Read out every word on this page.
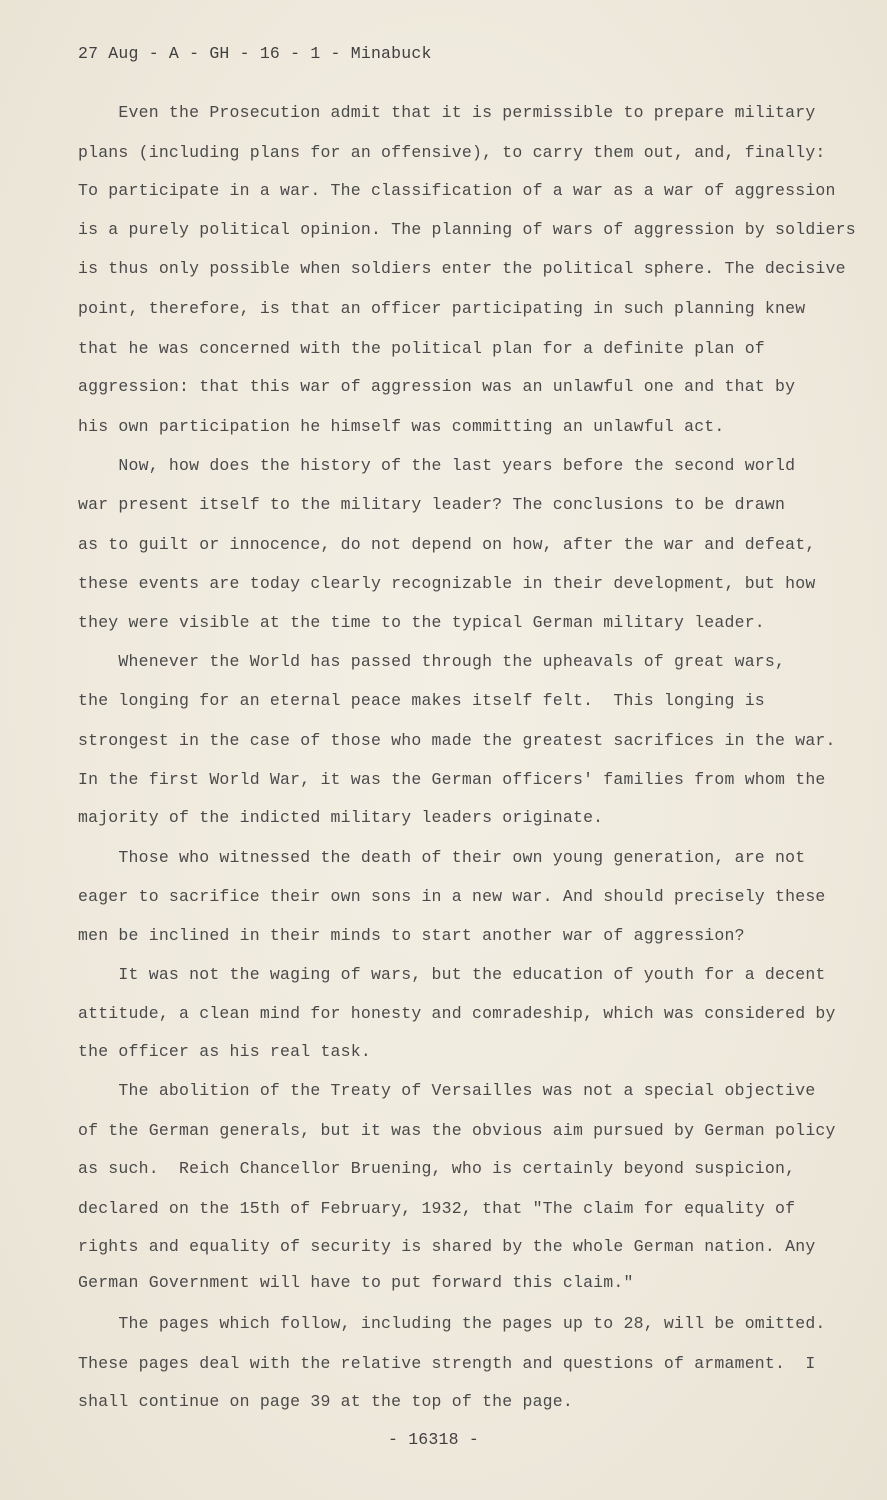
27 Aug - A - GH - 16 - 1 - Minabuck
Even the Prosecution admit that it is permissible to prepare military
plans (including plans for an offensive), to carry them out, and, finally:
To participate in a war. The classification of a war as a war of aggression
is a purely political opinion. The planning of wars of aggression by soldiers
is thus only possible when soldiers enter the political sphere. The decisive
point, therefore, is that an officer participating in such planning knew
that he was concerned with the political plan for a definite plan of
aggression: that this war of aggression was an unlawful one and that by
his own participation he himself was committing an unlawful act.
Now, how does the history of the last years before the second world
war present itself to the military leader? The conclusions to be drawn
as to guilt or innocence, do not depend on how, after the war and defeat,
these events are today clearly recognizable in their development, but how
they were visible at the time to the typical German military leader.
Whenever the World has passed through the upheavals of great wars,
the longing for an eternal peace makes itself felt.  This longing is
strongest in the case of those who made the greatest sacrifices in the war.
In the first World War, it was the German officers' families from whom the
majority of the indicted military leaders originate.
Those who witnessed the death of their own young generation, are not
eager to sacrifice their own sons in a new war. And should precisely these
men be inclined in their minds to start another war of aggression?
It was not the waging of wars, but the education of youth for a decent
attitude, a clean mind for honesty and comradeship, which was considered by
the officer as his real task.
The abolition of the Treaty of Versailles was not a special objective
of the German generals, but it was the obvious aim pursued by German policy
as such.  Reich Chancellor Bruening, who is certainly beyond suspicion,
declared on the 15th of February, 1932, that "The claim for equality of
rights and equality of security is shared by the whole German nation. Any
German Government will have to put forward this claim."
The pages which follow, including the pages up to 28, will be omitted.
These pages deal with the relative strength and questions of armament.  I
shall continue on page 39 at the top of the page.
- 16318 -
